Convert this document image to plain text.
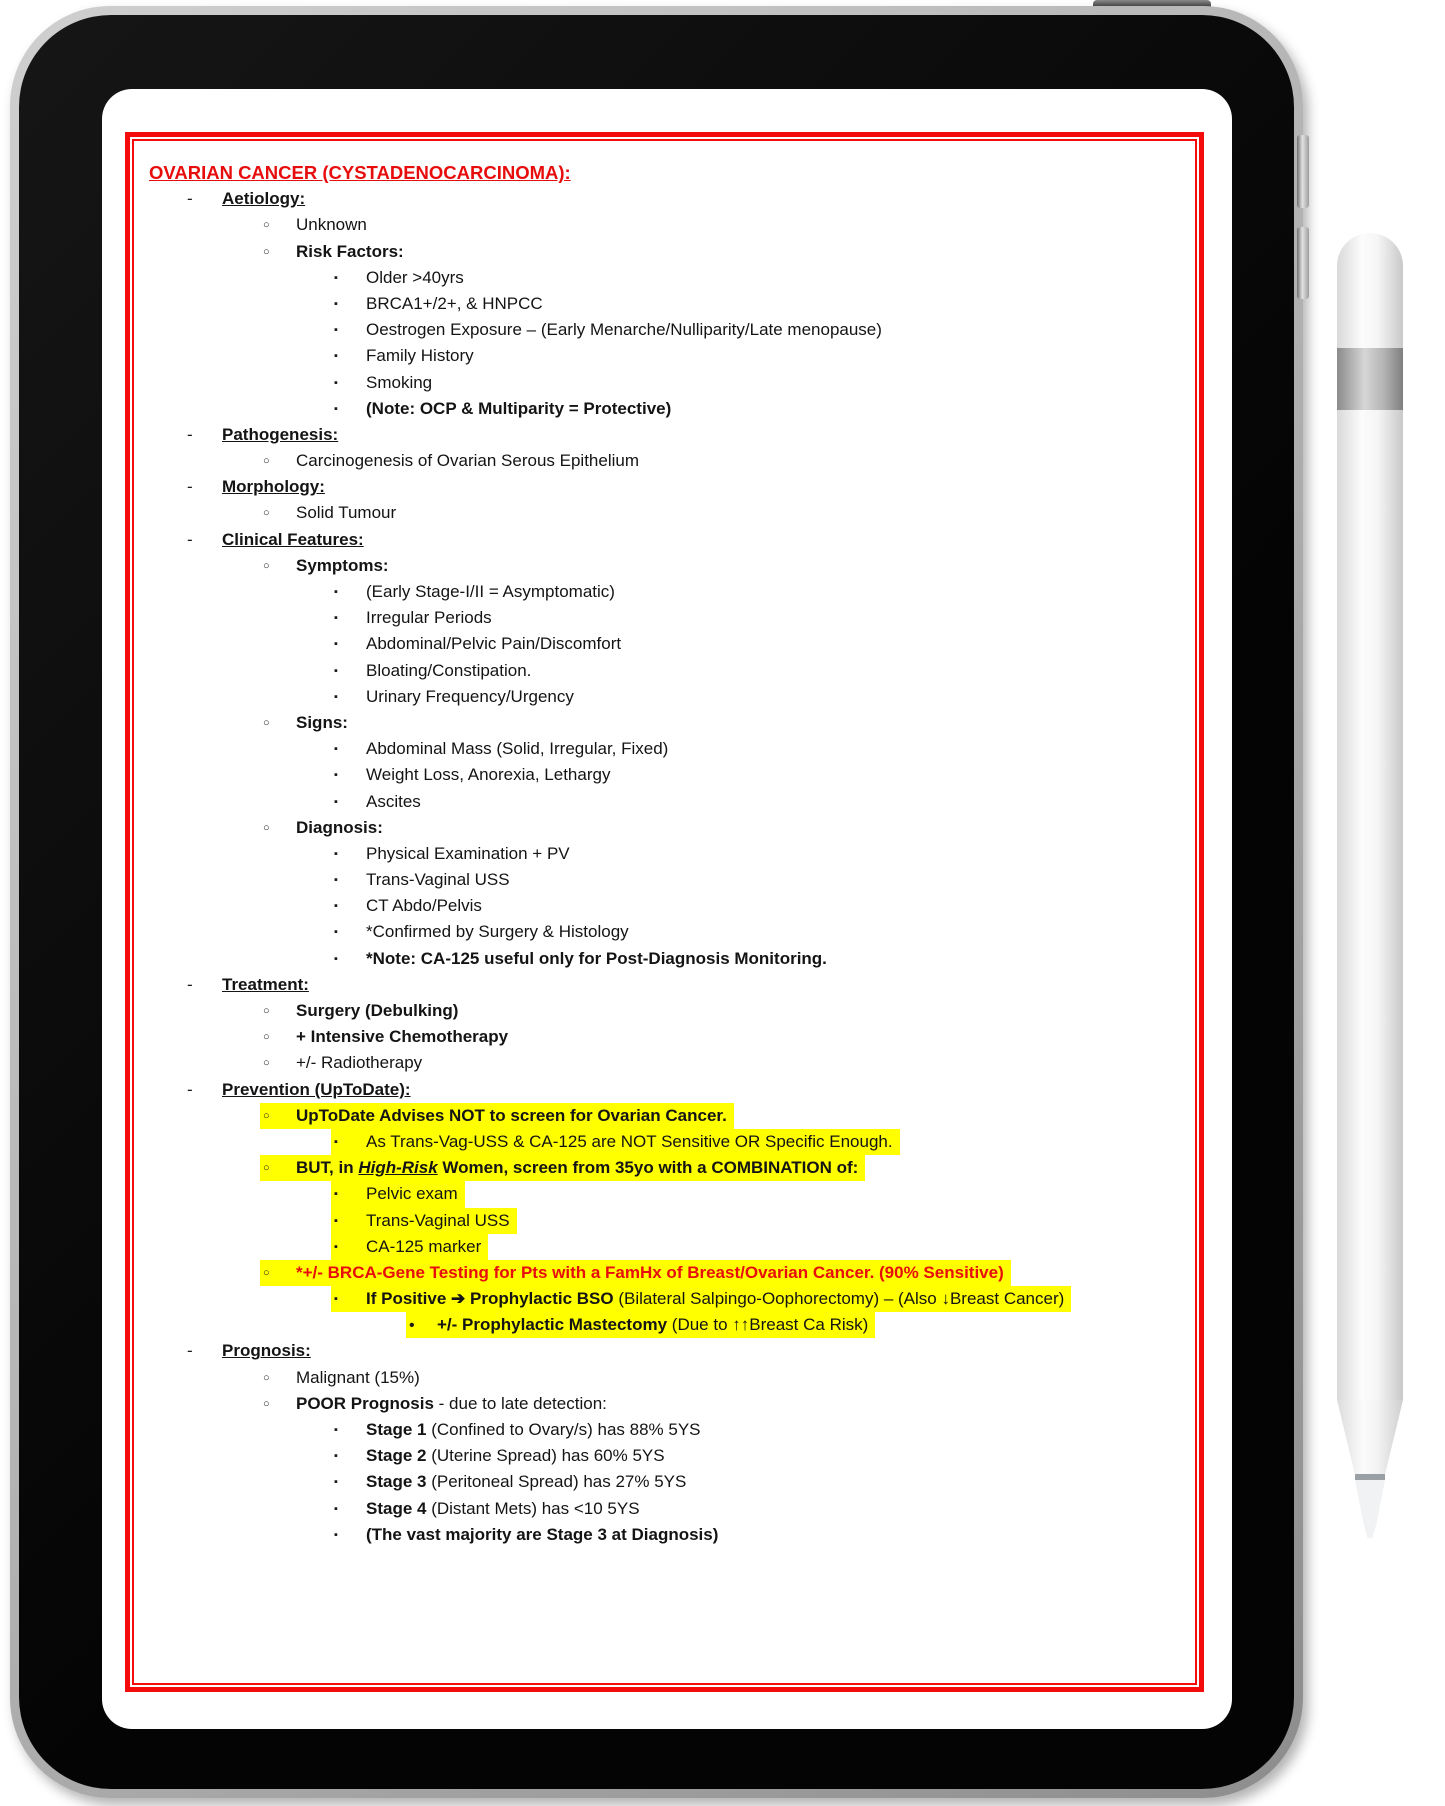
OVARIAN CANCER (CYSTADENOCARCINOMA):
- Aetiology:
○ Unknown
○ Risk Factors:
▪ Older >40yrs
▪ BRCA1+/2+, & HNPCC
▪ Oestrogen Exposure – (Early Menarche/Nulliparity/Late menopause)
▪ Family History
▪ Smoking
▪ (Note: OCP & Multiparity = Protective)
- Pathogenesis:
○ Carcinogenesis of Ovarian Serous Epithelium
- Morphology:
○ Solid Tumour
- Clinical Features:
○ Symptoms:
▪ (Early Stage-I/II = Asymptomatic)
▪ Irregular Periods
▪ Abdominal/Pelvic Pain/Discomfort
▪ Bloating/Constipation.
▪ Urinary Frequency/Urgency
○ Signs:
▪ Abdominal Mass (Solid, Irregular, Fixed)
▪ Weight Loss, Anorexia, Lethargy
▪ Ascites
○ Diagnosis:
▪ Physical Examination + PV
▪ Trans-Vaginal USS
▪ CT Abdo/Pelvis
▪ *Confirmed by Surgery & Histology
▪ *Note: CA-125 useful only for Post-Diagnosis Monitoring.
- Treatment:
○ Surgery (Debulking)
○ + Intensive Chemotherapy
○ +/- Radiotherapy
- Prevention (UpToDate):
○ UpToDate Advises NOT to screen for Ovarian Cancer.
▪ As Trans-Vag-USS & CA-125 are NOT Sensitive OR Specific Enough.
○ BUT, in High-Risk Women, screen from 35yo with a COMBINATION of:
▪ Pelvic exam
▪ Trans-Vaginal USS
▪ CA-125 marker
○ *+/- BRCA-Gene Testing for Pts with a FamHx of Breast/Ovarian Cancer. (90% Sensitive)
▪ If Positive ➔ Prophylactic BSO (Bilateral Salpingo-Oophorectomy) – (Also ↓Breast Cancer)
• +/- Prophylactic Mastectomy (Due to ↑↑Breast Ca Risk)
- Prognosis:
○ Malignant (15%)
○ POOR Prognosis - due to late detection:
▪ Stage 1 (Confined to Ovary/s) has 88% 5YS
▪ Stage 2 (Uterine Spread) has 60% 5YS
▪ Stage 3 (Peritoneal Spread) has 27% 5YS
▪ Stage 4 (Distant Mets) has <10 5YS
▪ (The vast majority are Stage 3 at Diagnosis)
